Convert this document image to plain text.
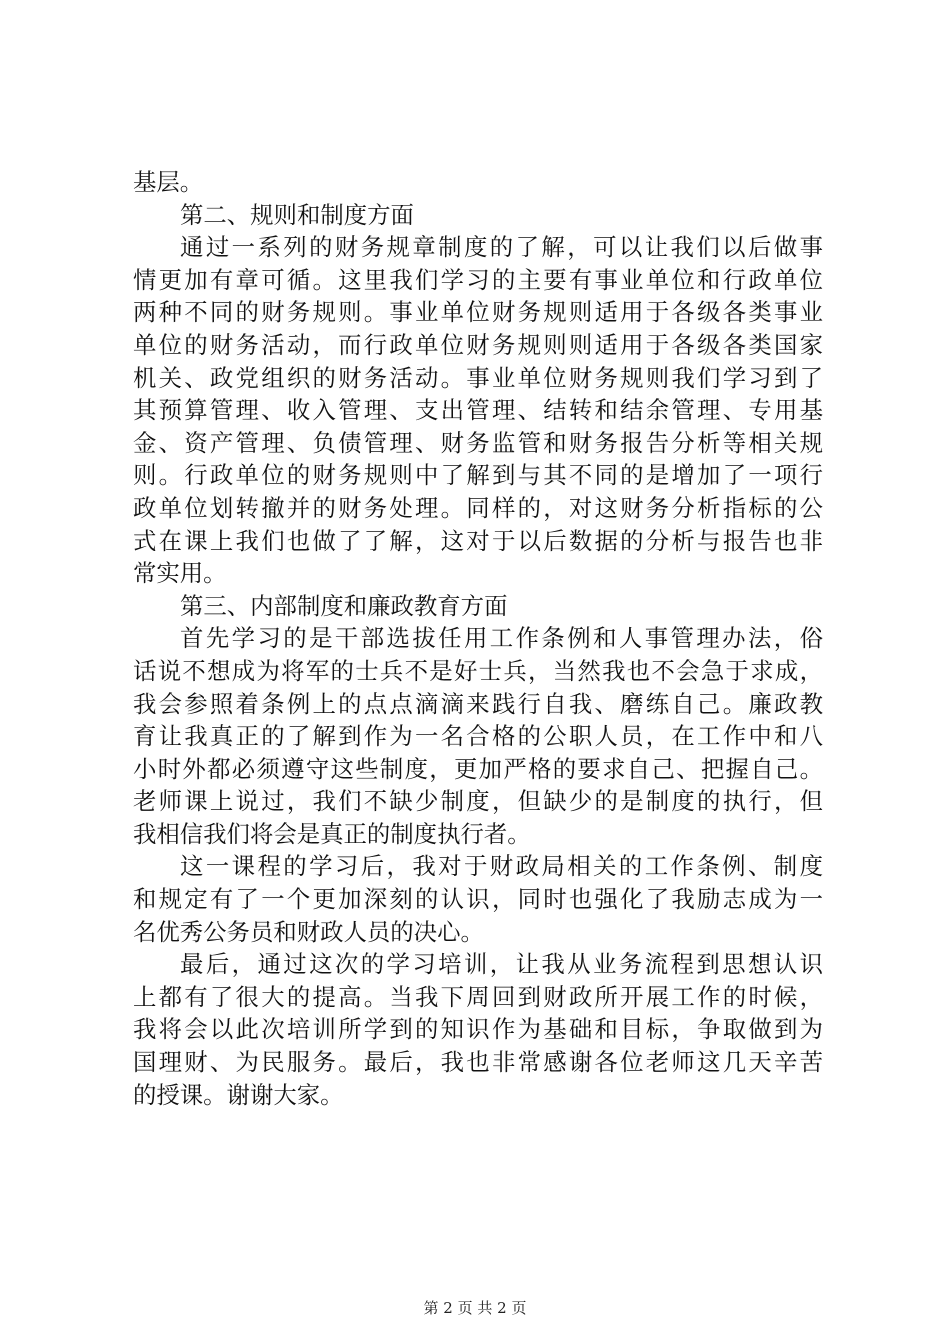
基层。
第二、规则和制度方面
通过一系列的财务规章制度的了解，可以让我们以后做事
情更加有章可循。这里我们学习的主要有事业单位和行政单位
两种不同的财务规则。事业单位财务规则适用于各级各类事业
单位的财务活动，而行政单位财务规则则适用于各级各类国家
机关、政党组织的财务活动。事业单位财务规则我们学习到了
其预算管理、收入管理、支出管理、结转和结余管理、专用基
金、资产管理、负债管理、财务监管和财务报告分析等相关规
则。行政单位的财务规则中了解到与其不同的是增加了一项行
政单位划转撤并的财务处理。同样的，对这财务分析指标的公
式在课上我们也做了了解，这对于以后数据的分析与报告也非
常实用。
第三、内部制度和廉政教育方面
首先学习的是干部选拔任用工作条例和人事管理办法，俗
话说不想成为将军的士兵不是好士兵，当然我也不会急于求成，
我会参照着条例上的点点滴滴来践行自我、磨练自己。廉政教
育让我真正的了解到作为一名合格的公职人员，在工作中和八
小时外都必须遵守这些制度，更加严格的要求自己、把握自己。
老师课上说过，我们不缺少制度，但缺少的是制度的执行，但
我相信我们将会是真正的制度执行者。
这一课程的学习后，我对于财政局相关的工作条例、制度
和规定有了一个更加深刻的认识，同时也强化了我励志成为一
名优秀公务员和财政人员的决心。
最后，通过这次的学习培训，让我从业务流程到思想认识
上都有了很大的提高。当我下周回到财政所开展工作的时候，
我将会以此次培训所学到的知识作为基础和目标，争取做到为
国理财、为民服务。最后，我也非常感谢各位老师这几天辛苦
的授课。谢谢大家。
第 2 页 共 2 页
